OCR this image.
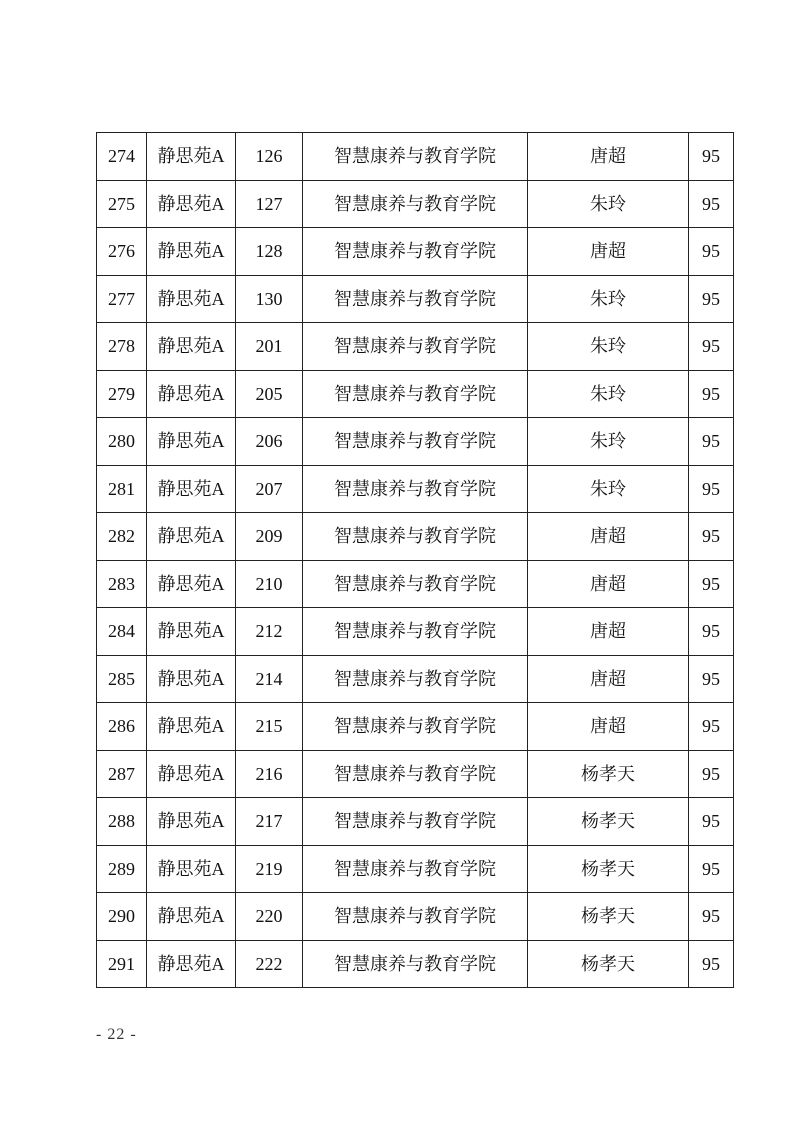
274	静思苑A	126	智慧康养与教育学院	唐超	95
275	静思苑A	127	智慧康养与教育学院	朱玲	95
276	静思苑A	128	智慧康养与教育学院	唐超	95
277	静思苑A	130	智慧康养与教育学院	朱玲	95
278	静思苑A	201	智慧康养与教育学院	朱玲	95
279	静思苑A	205	智慧康养与教育学院	朱玲	95
280	静思苑A	206	智慧康养与教育学院	朱玲	95
281	静思苑A	207	智慧康养与教育学院	朱玲	95
282	静思苑A	209	智慧康养与教育学院	唐超	95
283	静思苑A	210	智慧康养与教育学院	唐超	95
284	静思苑A	212	智慧康养与教育学院	唐超	95
285	静思苑A	214	智慧康养与教育学院	唐超	95
286	静思苑A	215	智慧康养与教育学院	唐超	95
287	静思苑A	216	智慧康养与教育学院	杨孝天	95
288	静思苑A	217	智慧康养与教育学院	杨孝天	95
289	静思苑A	219	智慧康养与教育学院	杨孝天	95
290	静思苑A	220	智慧康养与教育学院	杨孝天	95
291	静思苑A	222	智慧康养与教育学院	杨孝天	95
- 22 -
